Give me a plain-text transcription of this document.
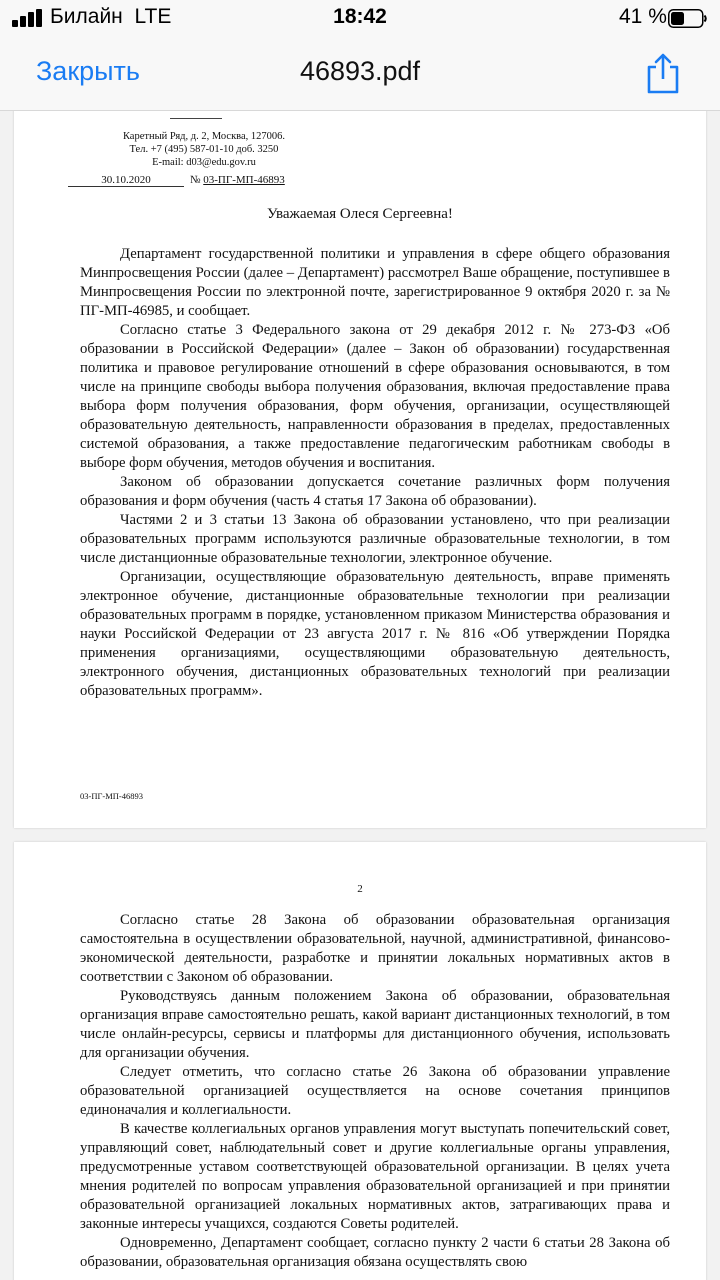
Билайн  LTE	18:42	41 %
Закрыть	46893.pdf
Каретный Ряд, д. 2, Москва, 127006.
Тел. +7 (495) 587-01-10 доб. 3250
E-mail: d03@edu.gov.ru
30.10.2020	№ 03-ПГ-МП-46893
Уважаемая Олеся Сергеевна!

Департамент государственной политики и управления в сфере общего образования Минпросвещения России (далее – Департамент) рассмотрел Ваше обращение, поступившее в Минпросвещения России по электронной почте, зарегистрированное 9 октября 2020 г. за № ПГ-МП-46985, и сообщает.

Согласно статье 3 Федерального закона от 29 декабря 2012 г. № 273-ФЗ «Об образовании в Российской Федерации» (далее – Закон об образовании) государственная политика и правовое регулирование отношений в сфере образования основываются, в том числе на принципе свободы выбора получения образования, включая предоставление права выбора форм получения образования, форм обучения, организации, осуществляющей образовательную деятельность, направленности образования в пределах, предоставленных системой образования, а также предоставление педагогическим работникам свободы в выборе форм обучения, методов обучения и воспитания.

Законом об образовании допускается сочетание различных форм получения образования и форм обучения (часть 4 статья 17 Закона об образовании).

Частями 2 и 3 статьи 13 Закона об образовании установлено, что при реализации образовательных программ используются различные образовательные технологии, в том числе дистанционные образовательные технологии, электронное обучение.

Организации, осуществляющие образовательную деятельность, вправе применять электронное обучение, дистанционные образовательные технологии при реализации образовательных программ в порядке, установленном приказом Министерства образования и науки Российской Федерации от 23 августа 2017 г. № 816 «Об утверждении Порядка применения организациями, осуществляющими образовательную деятельность, электронного обучения, дистанционных образовательных технологий при реализации образовательных программ».

03-ПГ-МП-46893
2

Согласно статье 28 Закона об образовании образовательная организация самостоятельна в осуществлении образовательной, научной, административной, финансово-экономической деятельности, разработке и принятии локальных нормативных актов в соответствии с Законом об образовании.

Руководствуясь данным положением Закона об образовании, образовательная организация вправе самостоятельно решать, какой вариант дистанционных технологий, в том числе онлайн-ресурсы, сервисы и платформы для дистанционного обучения, использовать для организации обучения.

Следует отметить, что согласно статье 26 Закона об образовании управление образовательной организацией осуществляется на основе сочетания принципов единоначалия и коллегиальности.

В качестве коллегиальных органов управления могут выступать попечительский совет, управляющий совет, наблюдательный совет и другие коллегиальные органы управления, предусмотренные уставом соответствующей образовательной организации. В целях учета мнения родителей по вопросам управления образовательной организацией и при принятии образовательной организацией локальных нормативных актов, затрагивающих права и законные интересы учащихся, создаются Советы родителей.

Одновременно, Департамент сообщает, согласно пункту 2 части 6 статьи 28 Закона об образовании, образовательная организация обязана осуществлять свою
